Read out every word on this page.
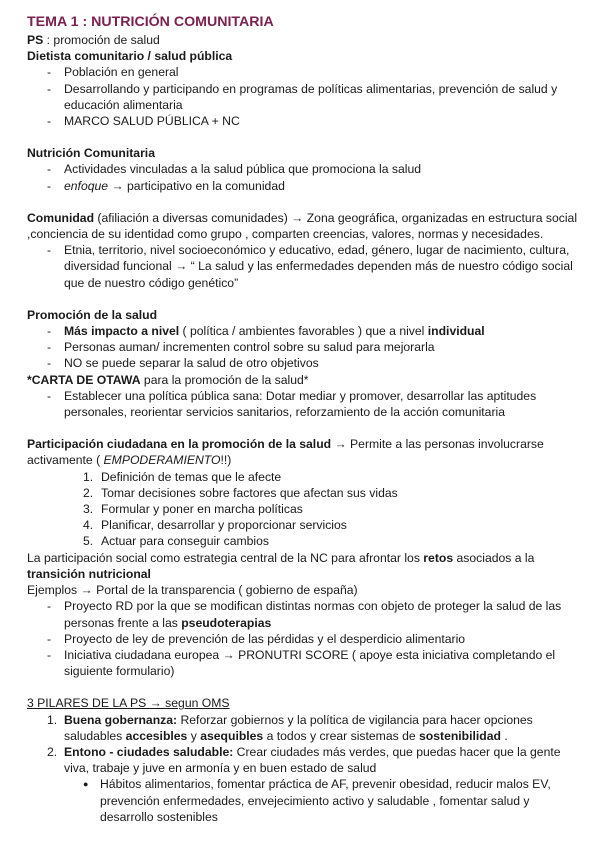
TEMA 1 : NUTRICIÓN COMUNITARIA

PS : promoción de salud

Dietista comunitario / salud pública

- Población en general
- Desarrollando y participando en programas de políticas alimentarias, prevención de salud y educación alimentaria
- MARCO SALUD PÚBLICA + NC

Nutrición Comunitaria

- Actividades vinculadas a la salud pública que promociona la salud
- enfoque → participativo en la comunidad

Comunidad (afiliación a diversas comunidades) → Zona geográfica, organizadas en estructura social ,conciencia de su identidad como grupo , comparten creencias, valores, normas y necesidades.

- Etnia, territorio, nivel socioeconómico y educativo, edad, género, lugar de nacimiento, cultura, diversidad funcional → “ La salud y las enfermedades dependen más de nuestro código social que de nuestro código genético”

Promoción de la salud

- Más impacto a nivel ( política / ambientes favorables ) que a nivel individual
- Personas auman/ incrementen control sobre su salud para mejorarla
- NO se puede separar la salud de otro objetivos

*CARTA DE OTAWA para la promoción de la salud*

- Establecer una política pública sana: Dotar mediar y promover, desarrollar las aptitudes personales, reorientar servicios sanitarios, reforzamiento de la acción comunitaria

Participación ciudadana en la promoción de la salud → Permite a las personas involucrarse activamente ( EMPODERAMIENTO!!)

1. Definición de temas que le afecte
2. Tomar decisiones sobre factores que afectan sus vidas
3. Formular y poner en marcha políticas
4. Planificar, desarrollar y proporcionar servicios
5. Actuar para conseguir cambios

La participación social como estrategia central de la NC para afrontar los retos asociados a la transición nutricional

Ejemplos → Portal de la transparencia ( gobierno de españa)

- Proyecto RD por la que se modifican distintas normas con objeto de proteger la salud de las personas frente a las pseudoterapias
- Proyecto de ley de prevención de las pérdidas y el desperdicio alimentario
- Iniciativa ciudadana europea → PRONUTRI SCORE ( apoye esta iniciativa completando el siguiente formulario)

3 PILARES DE LA PS → segun OMS

1. Buena gobernanza: Reforzar gobiernos y la política de vigilancia para hacer opciones saludables accesibles y asequibles a todos y crear sistemas de sostenibilidad .
2. Entono - ciudades saludable: Crear ciudades más verdes, que puedas hacer que la gente viva, trabaje y juve en armonía y en buen estado de salud
● Hábitos alimentarios, fomentar práctica de AF, prevenir obesidad, reducir malos EV, prevención enfermedades, envejecimiento activo y saludable , fomentar salud y desarrollo sostenibles
